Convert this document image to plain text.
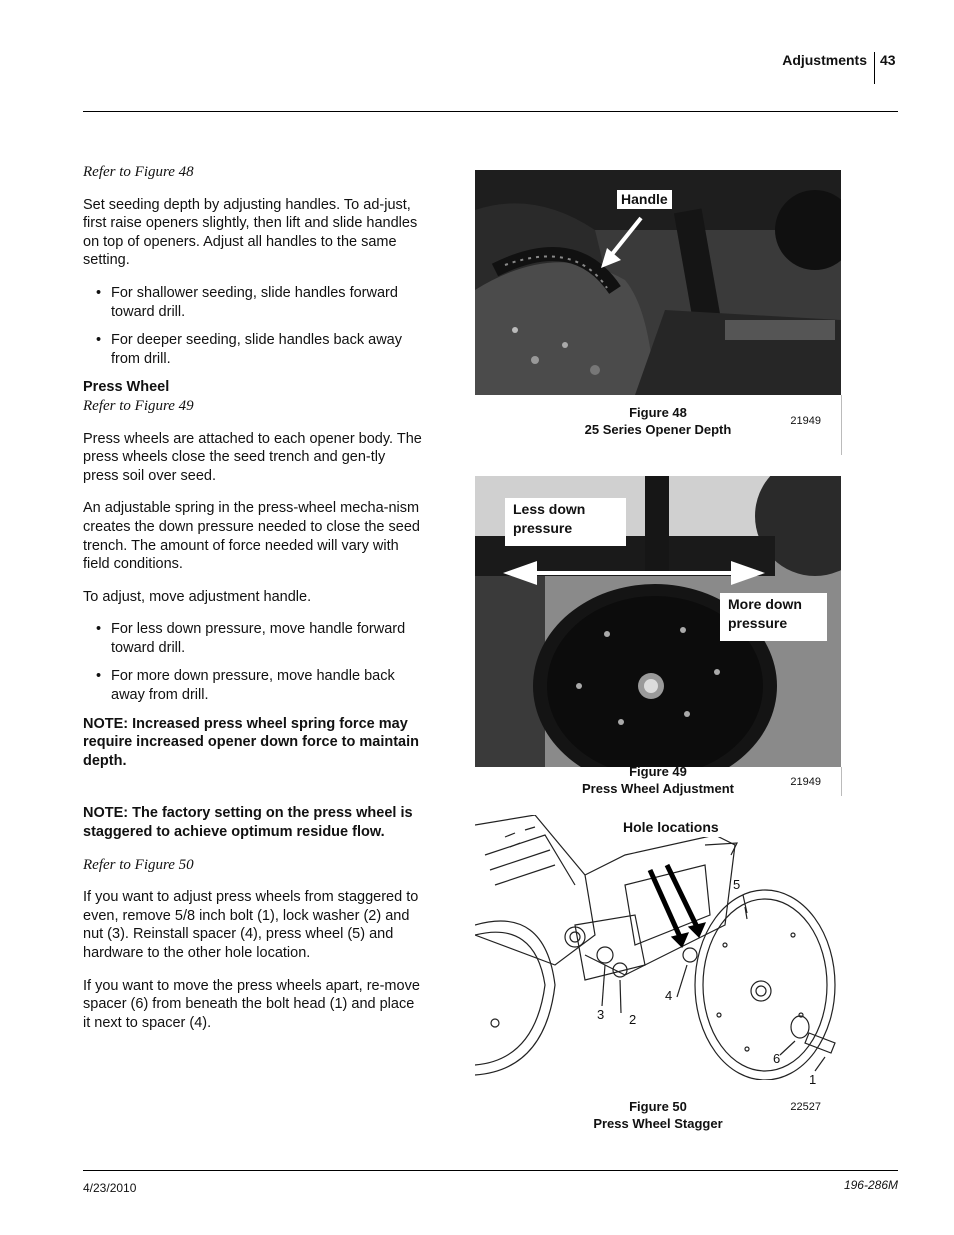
Adjustments 43

Refer to Figure 48

Set seeding depth by adjusting handles. To ad-just, first raise openers slightly, then lift and slide handles on top of openers. Adjust all handles to the same setting.

• For shallower seeding, slide handles forward toward drill.
• For deeper seeding, slide handles back away from drill.

Press Wheel

Refer to Figure 49

Press wheels are attached to each opener body. The press wheels close the seed trench and gen-tly press soil over seed.

An adjustable spring in the press-wheel mecha-nism creates the down pressure needed to close the seed trench. The amount of force needed will vary with field conditions.

To adjust, move adjustment handle.

• For less down pressure, move handle forward toward drill.
• For more down pressure, move handle back away from drill.

NOTE: Increased press wheel spring force may require increased opener down force to maintain depth.

NOTE: The factory setting on the press wheel is staggered to achieve optimum residue flow.

Refer to Figure 50

If you want to adjust press wheels from staggered to even, remove 5/8 inch bolt (1), lock washer (2) and nut (3). Reinstall spacer (4), press wheel (5) and hardware to the other hole location.

If you want to move the press wheels apart, re-move spacer (6) from beneath the bolt head (1) and place it next to spacer (4).

Handle
Figure 48
25 Series Opener Depth
21949
Less down pressure
More down pressure
Figure 49
Press Wheel Adjustment	21949
Hole locations
5
4
3 2
6
1
Figure 50
Press Wheel Stagger
22527
4/23/2010	196-286M
